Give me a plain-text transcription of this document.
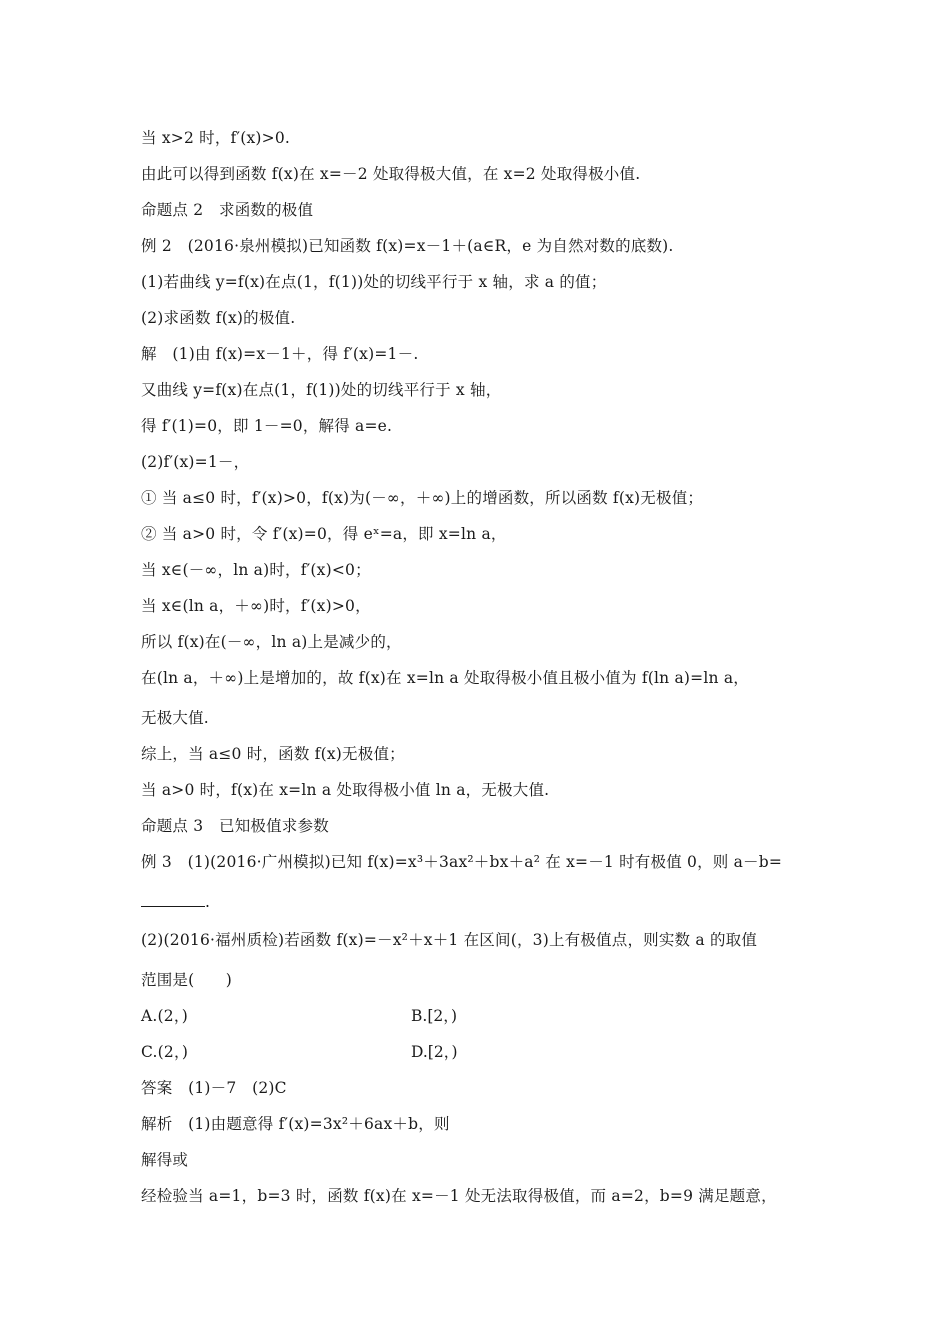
当 x>2 时，f′(x)>0.
由此可以得到函数 f(x)在 x=－2 处取得极大值，在 x=2 处取得极小值.
命题点 2　求函数的极值
例 2　(2016·泉州模拟)已知函数 f(x)=x－1＋(a∈R，e 为自然对数的底数).
(1)若曲线 y=f(x)在点(1，f(1))处的切线平行于 x 轴，求 a 的值；
(2)求函数 f(x)的极值.
解　(1)由 f(x)=x－1＋，得 f′(x)=1－.
又曲线 y=f(x)在点(1，f(1))处的切线平行于 x 轴，
得 f′(1)=0，即 1－=0，解得 a=e.
(2)f′(x)=1－，
① 当 a≤0 时，f′(x)>0，f(x)为(－∞，＋∞)上的增函数，所以函数 f(x)无极值；
② 当 a>0 时，令 f′(x)=0，得 eˣ=a，即 x=ln a，
当 x∈(－∞，ln a)时，f′(x)<0；
当 x∈(ln a，＋∞)时，f′(x)>0，
所以 f(x)在(－∞，ln a)上是减少的，
在(ln a，＋∞)上是增加的，故 f(x)在 x=ln a 处取得极小值且极小值为 f(ln a)=ln a，
无极大值.
综上，当 a≤0 时，函数 f(x)无极值；
当 a>0 时，f(x)在 x=ln a 处取得极小值 ln a，无极大值.
命题点 3　已知极值求参数
例 3　(1)(2016·广州模拟)已知 f(x)=x³＋3ax²＋bx＋a² 在 x=－1 时有极值 0，则 a－b=
.
(2)(2016·福州质检)若函数 f(x)=－x²＋x＋1 在区间(，3)上有极值点，则实数 a 的取值
范围是(　　)
A.(2，)	B.[2，)
C.(2，)	D.[2，)
答案　(1)－7　(2)C
解析　(1)由题意得 f′(x)=3x²＋6ax＋b，则
解得或
经检验当 a=1，b=3 时，函数 f(x)在 x=－1 处无法取得极值，而 a=2，b=9 满足题意，
